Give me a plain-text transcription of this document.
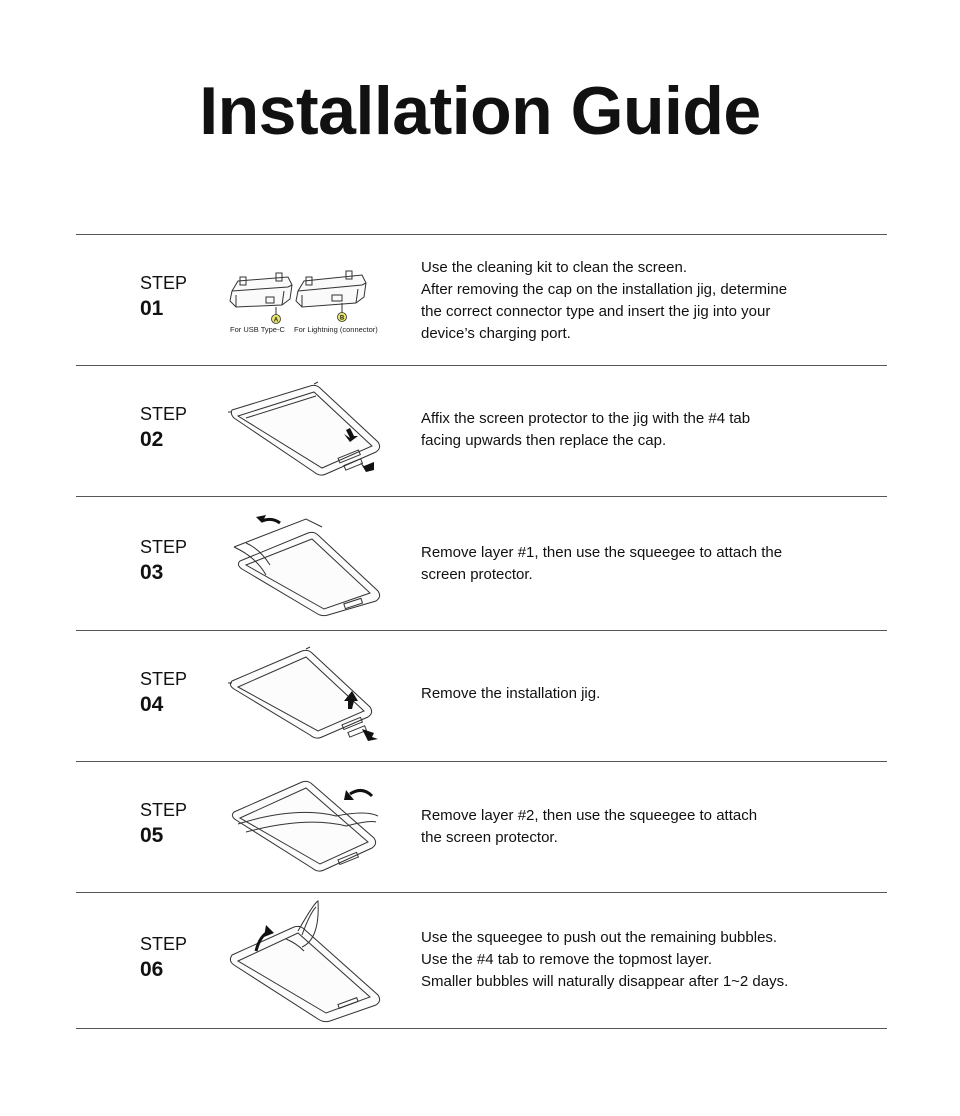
Installation Guide
STEP
01
A	B
For USB Type-C For Lightning (connector)
Use the cleaning kit to clean the screen.
After removing the cap on the installation jig, determine
the correct connector type and insert the jig into your
device’s charging port.
STEP
02
Affix the screen protector to the jig with the #4 tab
facing upwards then replace the cap.
STEP
03
Remove layer #1, then use the squeegee to attach the
screen protector.
STEP
04	Remove the installation jig.
STEP
05
Remove layer #2, then use the squeegee to attach
the screen protector.
STEP
06
Use the squeegee to push out the remaining bubbles.
Use the #4 tab to remove the topmost layer.
Smaller bubbles will naturally disappear after 1~2 days.
